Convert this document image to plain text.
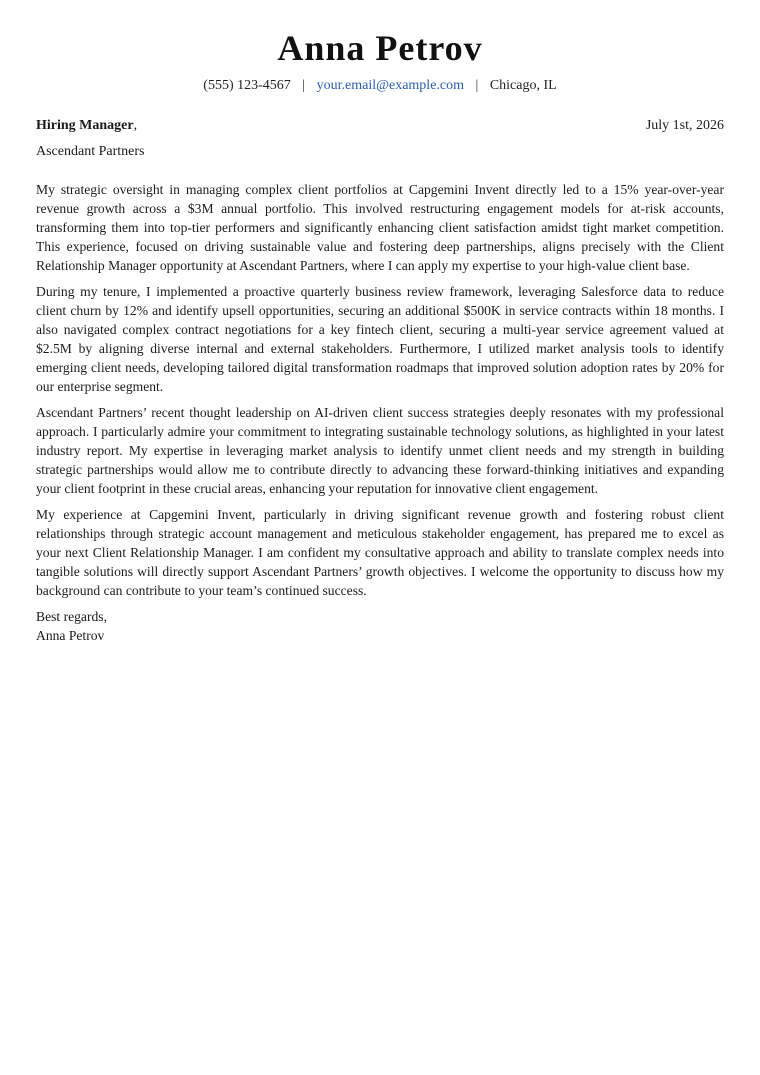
Anna Petrov
(555) 123-4567 | your.email@example.com | Chicago, IL
Hiring Manager,	July 1st, 2026
Ascendant Partners

My strategic oversight in managing complex client portfolios at Capgemini Invent directly led to a 15% year-over-year revenue growth across a $3M annual portfolio. This involved restructuring engagement models for at-risk accounts, transforming them into top-tier performers and significantly enhancing client satisfaction amidst tight market competition. This experience, focused on driving sustainable value and fostering deep partnerships, aligns precisely with the Client Relationship Manager opportunity at Ascendant Partners, where I can apply my expertise to your high-value client base.

During my tenure, I implemented a proactive quarterly business review framework, leveraging Salesforce data to reduce client churn by 12% and identify upsell opportunities, securing an additional $500K in service contracts within 18 months. I also navigated complex contract negotiations for a key fintech client, securing a multi-year service agreement valued at $2.5M by aligning diverse internal and external stakeholders. Furthermore, I utilized market analysis tools to identify emerging client needs, developing tailored digital transformation roadmaps that improved solution adoption rates by 20% for our enterprise segment.

Ascendant Partners’ recent thought leadership on AI-driven client success strategies deeply resonates with my professional approach. I particularly admire your commitment to integrating sustainable technology solutions, as highlighted in your latest industry report. My expertise in leveraging market analysis to identify unmet client needs and my strength in building strategic partnerships would allow me to contribute directly to advancing these forward-thinking initiatives and expanding your client footprint in these crucial areas, enhancing your reputation for innovative client engagement.

My experience at Capgemini Invent, particularly in driving significant revenue growth and fostering robust client relationships through strategic account management and meticulous stakeholder engagement, has prepared me to excel as your next Client Relationship Manager. I am confident my consultative approach and ability to translate complex needs into tangible solutions will directly support Ascendant Partners’ growth objectives. I welcome the opportunity to discuss how my background can contribute to your team’s continued success.

Best regards,
Anna Petrov
